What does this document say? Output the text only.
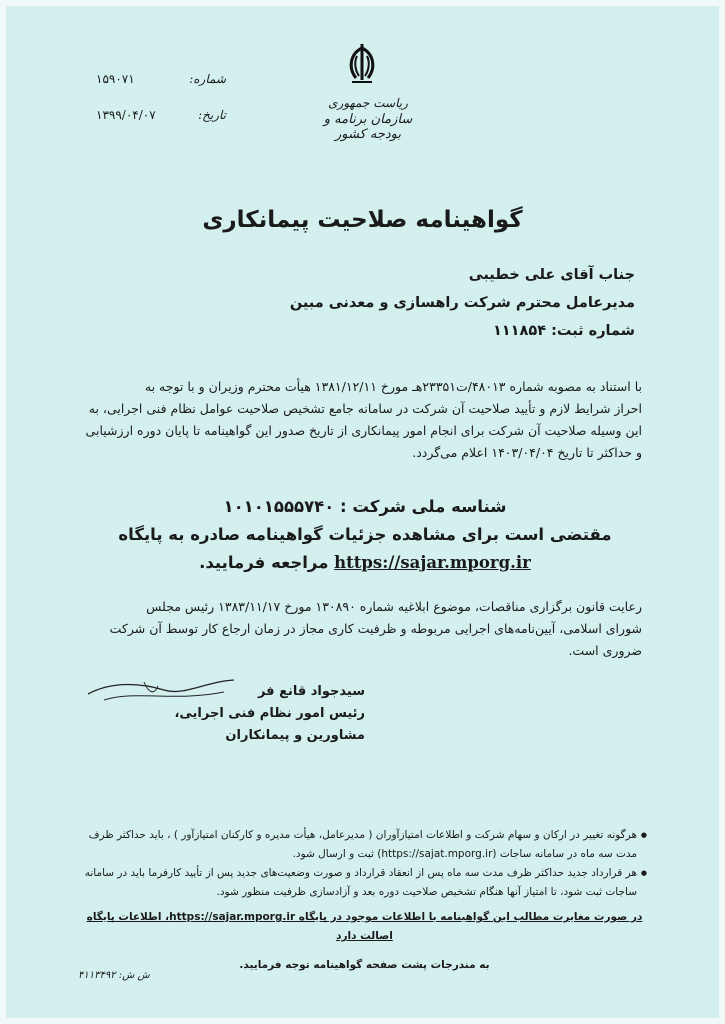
ریاست جمهوری
سازمان برنامه و بودجه کشور
شماره:
۱۵۹۰۷۱
تاریخ:
۱۳۹۹/۰۴/۰۷
گواهینامه صلاحیت پیمانکاری
جناب آقای علی خطیبی
مدیرعامل محترم شرکت راهسازی و معدنی مبین
شماره ثبت: ۱۱۱۸۵۴
با استناد به مصوبه شماره ۴۸۰۱۳/ت۲۳۳۵۱هـ مورخ ۱۳۸۱/۱۲/۱۱ هیأت محترم وزیران و با توجه به
احراز شرایط لازم و تأیید صلاحیت آن شرکت در سامانه جامع تشخیص صلاحیت عوامل نظام فنی اجرایی، به
این وسیله صلاحیت آن شرکت برای انجام امور پیمانکاری از تاریخ صدور این گواهینامه تا پایان دوره ارزشیابی
و حداکثر تا تاریخ ۱۴۰۳/۰۴/۰۴ اعلام می‌گردد.
شناسه ملی شرکت : ۱۰۱۰۱۵۵۵۷۴۰
مقتضی است برای مشاهده جزئیات گواهینامه صادره به پایگاه
https://sajar.mporg.ir مراجعه فرمایید.
رعایت قانون برگزاری مناقصات، موضوع ابلاغیه شماره ۱۳۰۸۹۰ مورخ ۱۳۸۳/۱۱/۱۷ رئیس مجلس
شورای اسلامی، آیین‌نامه‌های اجرایی مربوطه و ظرفیت کاری مجاز در زمان ارجاع کار توسط آن شرکت
ضروری است.
سیدجواد قانع فر
رئیس امور نظام فنی اجرایی، مشاورین و پیمانکاران
● هرگونه تغییر در ارکان و سهام شرکت و اطلاعات امتیازآوران ( مدیرعامل، هیأت مدیره و کارکنان امتیازآور ) ، باید حداکثر ظرف مدت سه ماه در سامانه ساجات (https://sajat.mporg.ir) ثبت و ارسال شود.
● هر قرارداد جدید حداکثر ظرف مدت سه ماه پس از انعقاد قرارداد و صورت وضعیت‌های جدید پس از تأیید کارفرما باید در سامانه ساجات ثبت شود، تا امتیاز آنها هنگام تشخیص صلاحیت دوره بعد و آزادسازی ظرفیت منظور شود.
در صورت مغایرت مطالب این گواهینامه با اطلاعات موجود در پایگاه https://sajar.mporg.ir، اطلاعات پایگاه اصالت دارد
به مندرجات پشت صفحه گواهینامه توجه فرمایید.
ش ش: ۴۱۱۳۴۹۲
